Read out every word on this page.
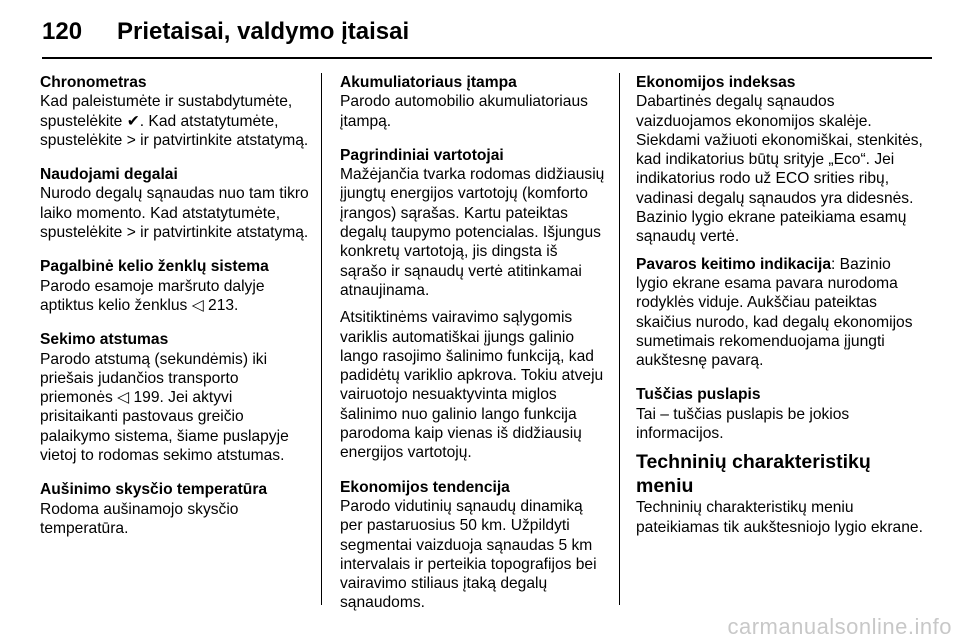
120 Prietaisai, valdymo įtaisai
Chronometras
Kad paleistumėte ir sustabdytumėte, spustelėkite ✔. Kad atstatytumėte, spustelėkite > ir patvirtinkite atstatymą.
Naudojami degalai
Nurodo degalų sąnaudas nuo tam tikro laiko momento. Kad atstatytumėte, spustelėkite > ir patvirtinkite atstatymą.
Pagalbinė kelio ženklų sistema
Parodo esamoje maršruto dalyje aptiktus kelio ženklus ◁ 213.
Sekimo atstumas
Parodo atstumą (sekundėmis) iki priešais judančios transporto priemonės ◁ 199. Jei aktyvi prisitaikanti pastovaus greičio palaikymo sistema, šiame puslapyje vietoj to rodomas sekimo atstumas.
Aušinimo skysčio temperatūra
Rodoma aušinamojo skysčio temperatūra.
Akumuliatoriaus įtampa
Parodo automobilio akumuliatoriaus įtampą.
Pagrindiniai vartotojai
Mažėjančia tvarka rodomas didžiausių įjungtų energijos vartotojų (komforto įrangos) sąrašas. Kartu pateiktas degalų taupymo potencialas. Išjungus konkretų vartotoją, jis dingsta iš sąrašo ir sąnaudų vertė atitinkamai atnaujinama.
Atsitiktinėms vairavimo sąlygomis variklis automatiškai įjungs galinio lango rasojimo šalinimo funkciją, kad padidėtų variklio apkrova. Tokiu atveju vairuotojo nesuaktyvinta miglos šalinimo nuo galinio lango funkcija parodoma kaip vienas iš didžiausių energijos vartotojų.
Ekonomijos tendencija
Parodo vidutinių sąnaudų dinamiką per pastaruosius 50 km. Užpildyti segmentai vaizduoja sąnaudas 5 km intervalais ir perteikia topografijos bei vairavimo stiliaus įtaką degalų sąnaudoms.
Ekonomijos indeksas
Dabartinės degalų sąnaudos vaizduojamos ekonomijos skalėje. Siekdami važiuoti ekonomiškai, stenkitės, kad indikatorius būtų srityje „Eco“. Jei indikatorius rodo už ECO srities ribų, vadinasi degalų sąnaudos yra didesnės. Bazinio lygio ekrane pateikiama esamų sąnaudų vertė.
Pavaros keitimo indikacija: Bazinio lygio ekrane esama pavara nurodoma rodyklės viduje. Aukščiau pateiktas skaičius nurodo, kad degalų ekonomijos sumetimais rekomenduojama įjungti aukštesnę pavarą.
Tuščias puslapis
Tai – tuščias puslapis be jokios informacijos.
Techninių charakteristikų meniu
Techninių charakteristikų meniu pateikiamas tik aukštesniojo lygio ekrane.
carmanualsonline.info
